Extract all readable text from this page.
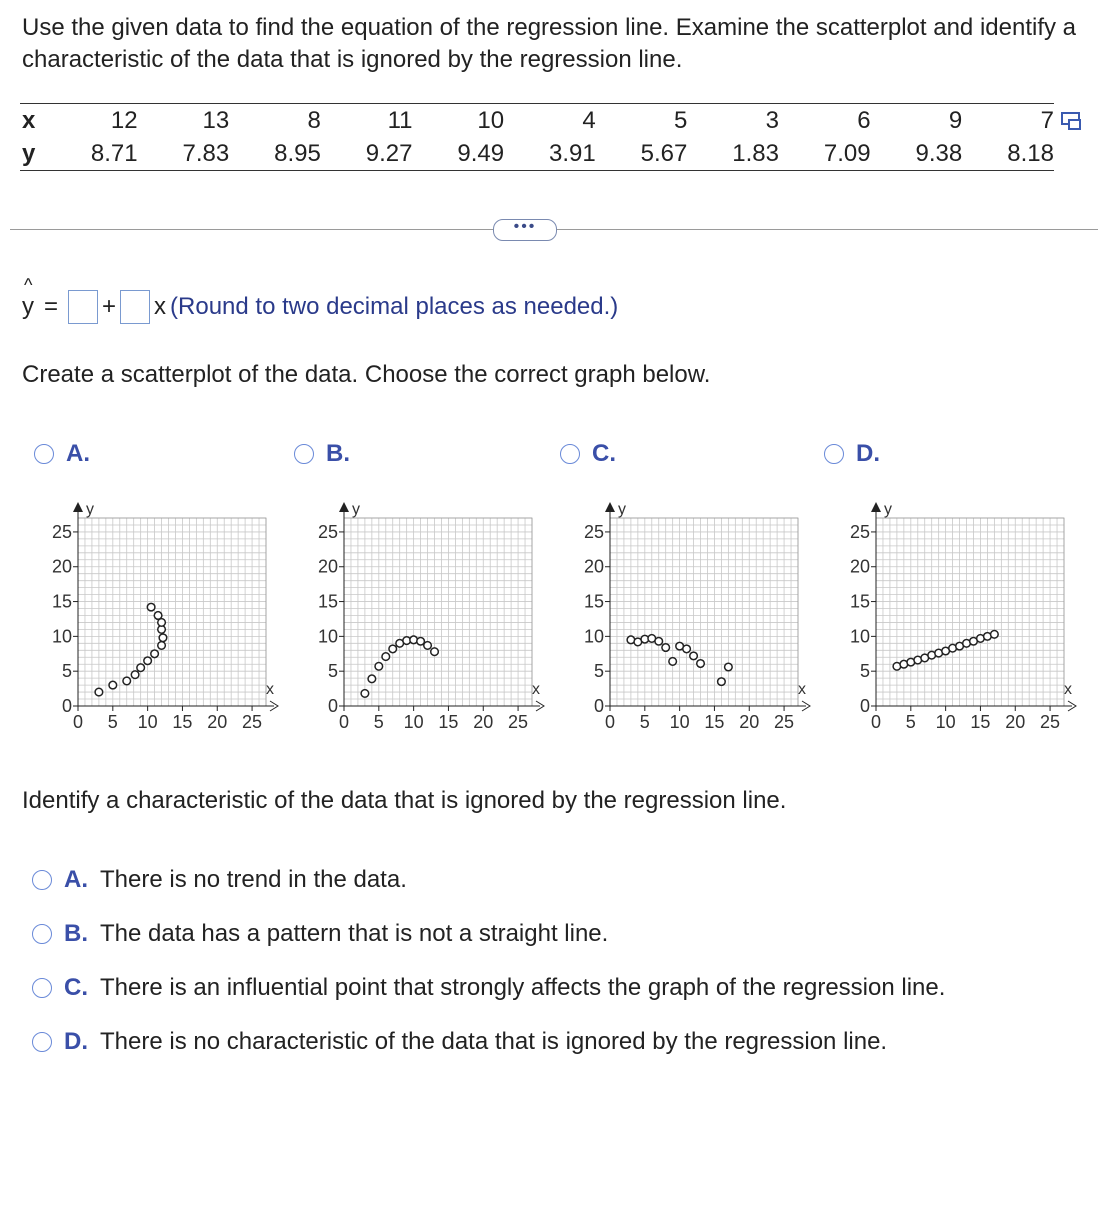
Use the given data to find the equation of the regression line. Examine the scatterplot and identify a characteristic of the data that is ignored by the regression line.
x	12	13	8	11	10	4	5	3	6	9	7
y	8.71	7.83	8.95	9.27	9.49	3.91	5.67	1.83	7.09	9.38	8.18
•••
^
y = + x (Round to two decimal places as needed.)
Create a scatterplot of the data. Choose the correct graph below.
A.	B.	C.	D.
0
0
5
5
10
10
15
15
20
20
25
25
y
x
0
0
5
5
10
10
15
15
20
20
25
25
y
x
0
0
5
5
10
10
15
15
20
20
25
25
y
x
0
0
5
5
10
10
15
15
20
20
25
25
y
x
Identify a characteristic of the data that is ignored by the regression line.
A. There is no trend in the data.
B. The data has a pattern that is not a straight line.
C. There is an influential point that strongly affects the graph of the regression line.
D. There is no characteristic of the data that is ignored by the regression line.
